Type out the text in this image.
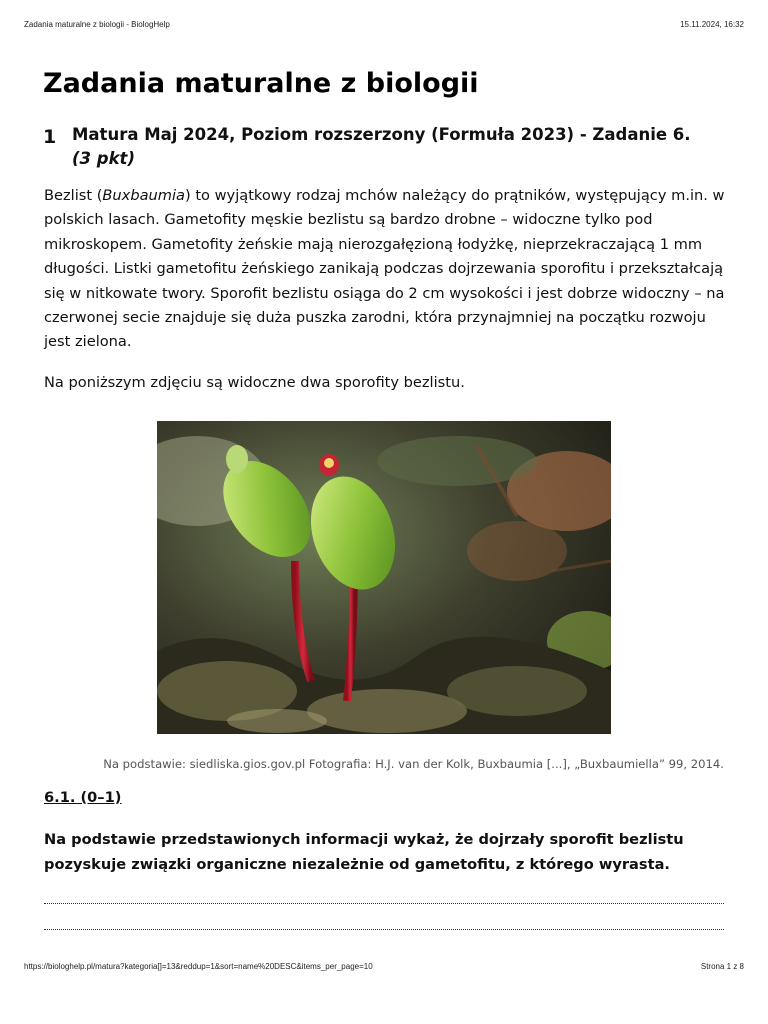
Zadania maturalne z biologii - BiologHelp	15.11.2024, 16:32
Zadania maturalne z biologii
1 Matura Maj 2024, Poziom rozszerzony (Formuła 2023) - Zadanie 6. (3 pkt)

Bezlist (Buxbaumia) to wyjątkowy rodzaj mchów należący do prątników, występujący m.in. w polskich lasach. Gametofity męskie bezlistu są bardzo drobne – widoczne tylko pod mikroskopem. Gametofity żeńskie mają nierozgałęzioną łodyżkę, nieprzekraczającą 1 mm długości. Listki gametofitu żeńskiego zanikają podczas dojrzewania sporofitu i przekształcają się w nitkowate twory. Sporofit bezlistu osiąga do 2 cm wysokości i jest dobrze widoczny – na czerwonej secie znajduje się duża puszka zarodni, która przynajmniej na początku rozwoju jest zielona.

Na poniższym zdjęciu są widoczne dwa sporofity bezlistu.

Na podstawie: siedliska.gios.gov.pl Fotografia: H.J. van der Kolk, Buxbaumia [...], „Buxbaumiella” 99, 2014.

6.1. (0–1)

Na podstawie przedstawionych informacji wykaż, że dojrzały sporofit bezlistu pozyskuje związki organiczne niezależnie od gametofitu, z którego wyrasta.

https://biologhelp.pl/matura?kategoria[]=13&reddup=1&sort=name%20DESC&items_per_page=10	Strona 1 z 8
